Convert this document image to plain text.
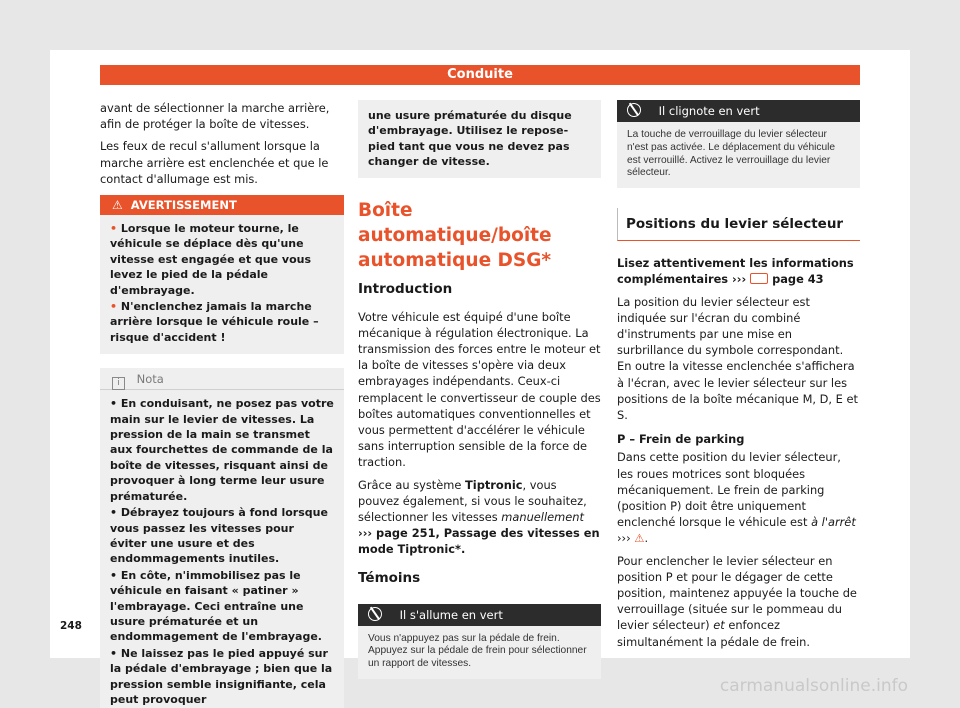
Conduite

avant de sélectionner la marche arrière, afin de protéger la boîte de vitesses.

Les feux de recul s'allument lorsque la marche arrière est enclenchée et que le contact d'allumage est mis.

⚠ AVERTISSEMENT

• Lorsque le moteur tourne, le véhicule se déplace dès qu'une vitesse est engagée et que vous levez le pied de la pédale d'embrayage.

• N'enclenchez jamais la marche arrière lorsque le véhicule roule – risque d'accident !

i Nota

• En conduisant, ne posez pas votre main sur le levier de vitesses. La pression de la main se transmet aux fourchettes de commande de la boîte de vitesses, risquant ainsi de provoquer à long terme leur usure prématurée.

• Débrayez toujours à fond lorsque vous passez les vitesses pour éviter une usure et des endommagements inutiles.

• En côte, n'immobilisez pas le véhicule en faisant « patiner » l'embrayage. Ceci entraîne une usure prématurée et un endommagement de l'embrayage.

• Ne laissez pas le pied appuyé sur la pédale d'embrayage ; bien que la pression semble insignifiante, cela peut provoquer

une usure prématurée du disque d'embrayage. Utilisez le repose-pied tant que vous ne devez pas changer de vitesse.

Boîte automatique/boîte automatique DSG*
Introduction

Votre véhicule est équipé d'une boîte mécanique à régulation électronique. La transmission des forces entre le moteur et la boîte de vitesses s'opère via deux embrayages indépendants. Ceux-ci remplacent le convertisseur de couple des boîtes automatiques conventionnelles et vous permettent d'accélérer le véhicule sans interruption sensible de la force de traction.

Grâce au système Tiptronic, vous pouvez également, si vous le souhaitez, sélectionner les vitesses manuellement ››› page 251, Passage des vitesses en mode Tiptronic*.

Témoins
Il s'allume en vert
Vous n'appuyez pas sur la pédale de frein. Appuyez sur la pédale de frein pour sélectionner un rapport de vitesses.
Il clignote en vert
La touche de verrouillage du levier sélecteur n'est pas activée. Le déplacement du véhicule est verrouillé. Activez le verrouillage du levier sélecteur.
Positions du levier sélecteur

Lisez attentivement les informations complémentaires ›››  page 43

La position du levier sélecteur est indiquée sur l'écran du combiné d'instruments par une mise en surbrillance du symbole correspondant. En outre la vitesse enclenchée s'affichera à l'écran, avec le levier sélecteur sur les positions de la boîte mécanique M, D, E et S.

P – Frein de parking

Dans cette position du levier sélecteur, les roues motrices sont bloquées mécaniquement. Le frein de parking (position P) doit être uniquement enclenché lorsque le véhicule est à l'arrêt ››› ⚠.

Pour enclencher le levier sélecteur en position P et pour le dégager de cette position, maintenez appuyée la touche de verrouillage (située sur le pommeau du levier sélecteur) et enfoncez simultanément la pédale de frein.

248
carmanualsonline.info
